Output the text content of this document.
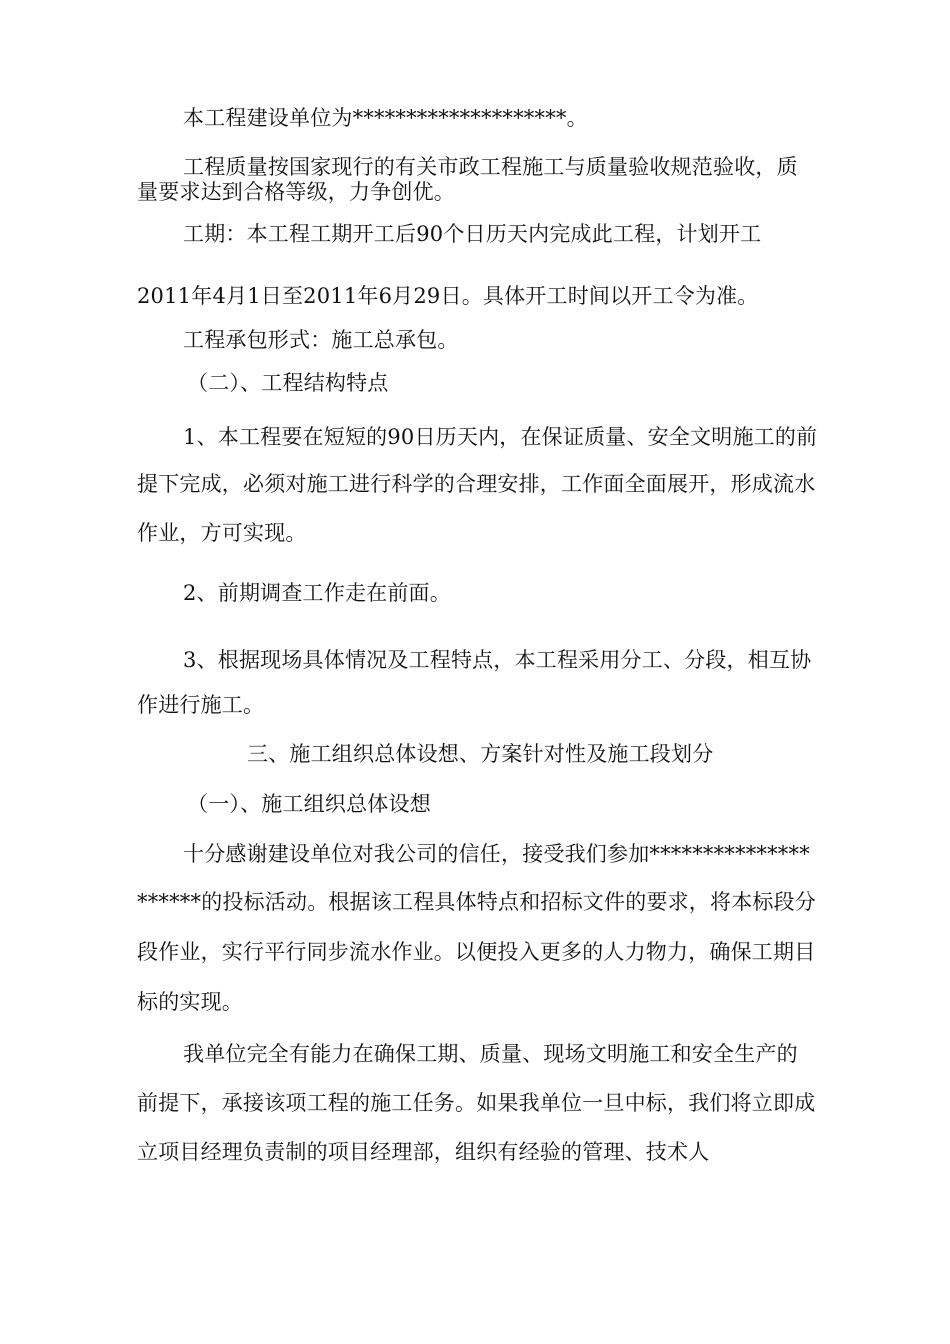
本工程建设单位为********************。
工程质量按国家现行的有关市政工程施工与质量验收规范验收，质
量要求达到合格等级，力争创优。
工期：本工程工期开工后90个日历天内完成此工程，计划开工
2011年4月1日至2011年6月29日。具体开工时间以开工令为准。
工程承包形式：施工总承包。
（二）、工程结构特点
1、本工程要在短短的90日历天内，在保证质量、安全文明施工的前
提下完成，必须对施工进行科学的合理安排，工作面全面展开，形成流水
作业，方可实现。
2、前期调查工作走在前面。
3、根据现场具体情况及工程特点，本工程采用分工、分段，相互协
作进行施工。
三、施工组织总体设想、方案针对性及施工段划分
（一）、施工组织总体设想
十分感谢建设单位对我公司的信任，接受我们参加***************
******的投标活动。根据该工程具体特点和招标文件的要求，将本标段分
段作业，实行平行同步流水作业。以便投入更多的人力物力，确保工期目
标的实现。
我单位完全有能力在确保工期、质量、现场文明施工和安全生产的
前提下，承接该项工程的施工任务。如果我单位一旦中标，我们将立即成
立项目经理负责制的项目经理部，组织有经验的管理、技术人
